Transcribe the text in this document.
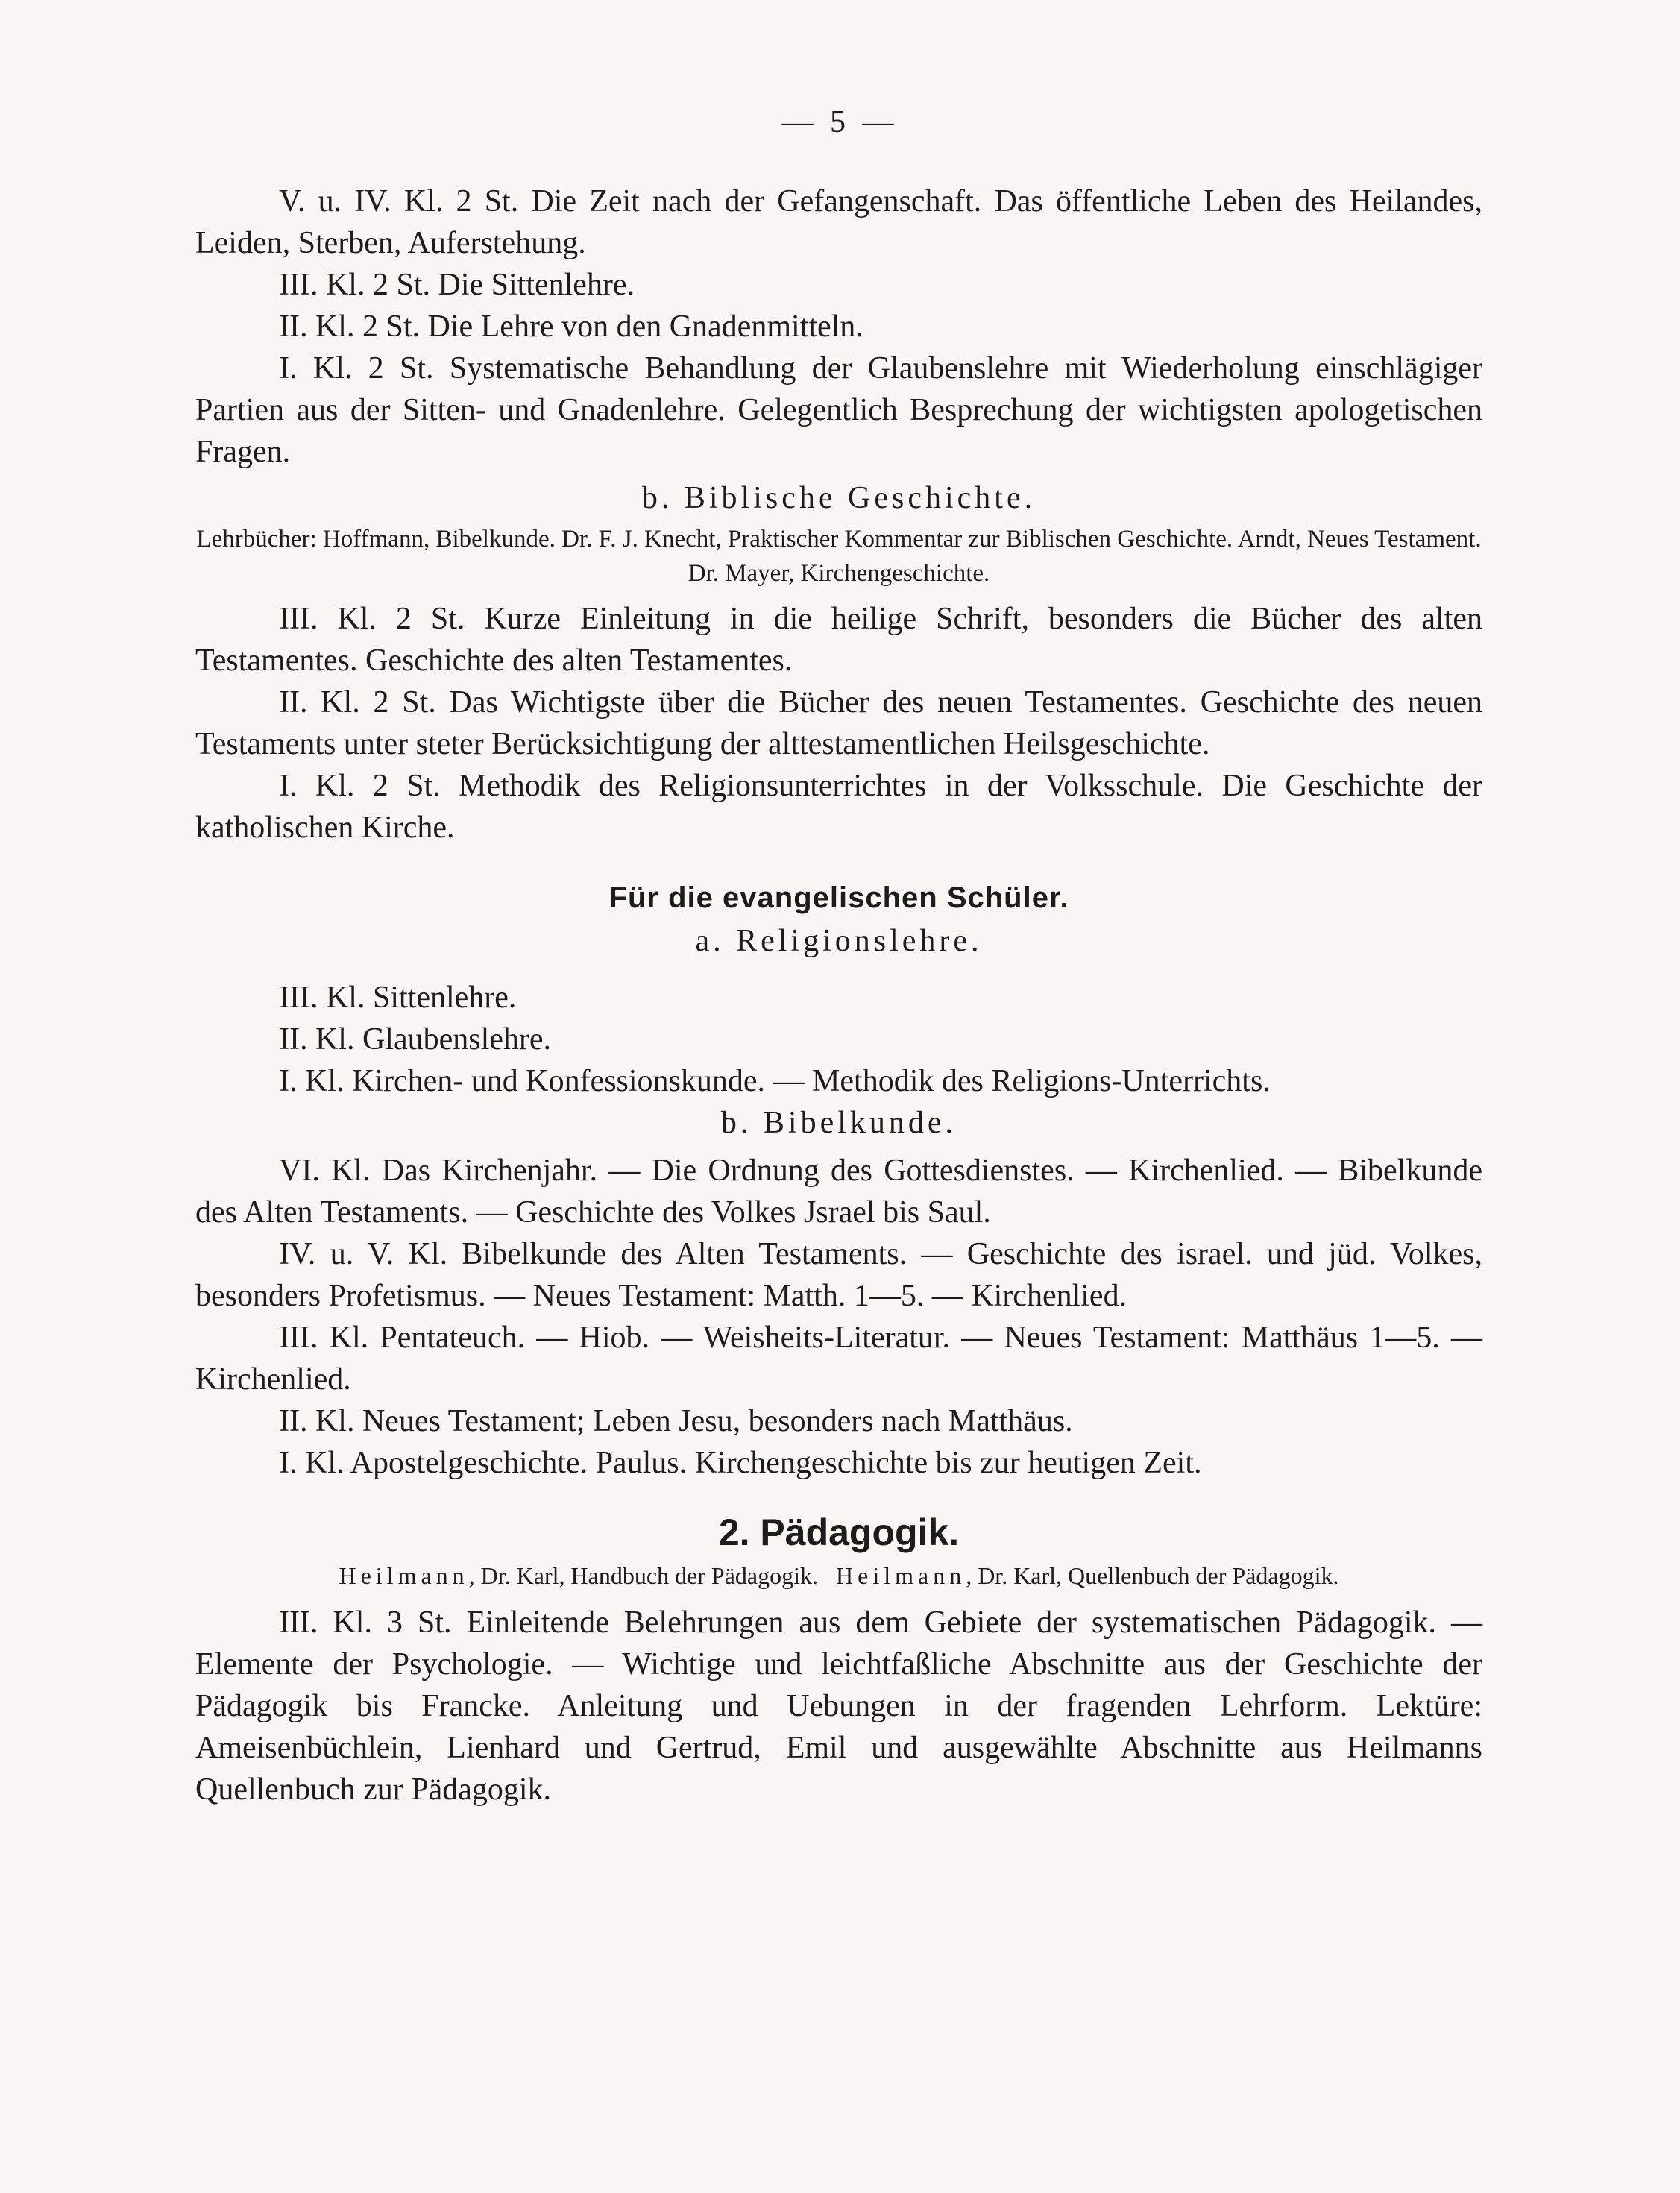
— 5 —

V. u. IV. Kl. 2 St. Die Zeit nach der Gefangenschaft. Das öffentliche Leben des Heilandes, Leiden, Sterben, Auferstehung.

III. Kl. 2 St. Die Sittenlehre.

II. Kl. 2 St. Die Lehre von den Gnadenmitteln.

I. Kl. 2 St. Systematische Behandlung der Glaubenslehre mit Wiederholung einschlägiger Partien aus der Sitten- und Gnadenlehre. Gelegentlich Besprechung der wichtigsten apologetischen Fragen.

b. Biblische Geschichte.

Lehrbücher: Hoffmann, Bibelkunde. Dr. F. J. Knecht, Praktischer Kommentar zur Biblischen Geschichte. Arndt, Neues Testament. Dr. Mayer, Kirchengeschichte.

III. Kl. 2 St. Kurze Einleitung in die heilige Schrift, besonders die Bücher des alten Testamentes. Geschichte des alten Testamentes.

II. Kl. 2 St. Das Wichtigste über die Bücher des neuen Testamentes. Geschichte des neuen Testaments unter steter Berücksichtigung der alttestamentlichen Heilsgeschichte.

I. Kl. 2 St. Methodik des Religionsunterrichtes in der Volksschule. Die Geschichte der katholischen Kirche.

Für die evangelischen Schüler.

a. Religionslehre.

III. Kl. Sittenlehre.

II. Kl. Glaubenslehre.

I. Kl. Kirchen- und Konfessionskunde. — Methodik des Religions-Unterrichts.

b. Bibelkunde.

VI. Kl. Das Kirchenjahr. — Die Ordnung des Gottesdienstes. — Kirchenlied. — Bibelkunde des Alten Testaments. — Geschichte des Volkes Jsrael bis Saul.

IV. u. V. Kl. Bibelkunde des Alten Testaments. — Geschichte des israel. und jüd. Volkes, besonders Profetismus. — Neues Testament: Matth. 1—5. — Kirchenlied.

III. Kl. Pentateuch. — Hiob. — Weisheits-Literatur. — Neues Testament: Matthäus 1—5. — Kirchenlied.

II. Kl. Neues Testament; Leben Jesu, besonders nach Matthäus.

I. Kl. Apostelgeschichte. Paulus. Kirchengeschichte bis zur heutigen Zeit.

2. Pädagogik.
Heilmann, Dr. Karl, Handbuch der Pädagogik. Heilmann, Dr. Karl, Quellenbuch der Pädagogik.

III. Kl. 3 St. Einleitende Belehrungen aus dem Gebiete der systematischen Pädagogik. — Elemente der Psychologie. — Wichtige und leichtfaßliche Abschnitte aus der Geschichte der Pädagogik bis Francke. Anleitung und Uebungen in der fragenden Lehrform. Lektüre: Ameisenbüchlein, Lienhard und Gertrud, Emil und ausgewählte Abschnitte aus Heilmanns Quellenbuch zur Pädagogik.
